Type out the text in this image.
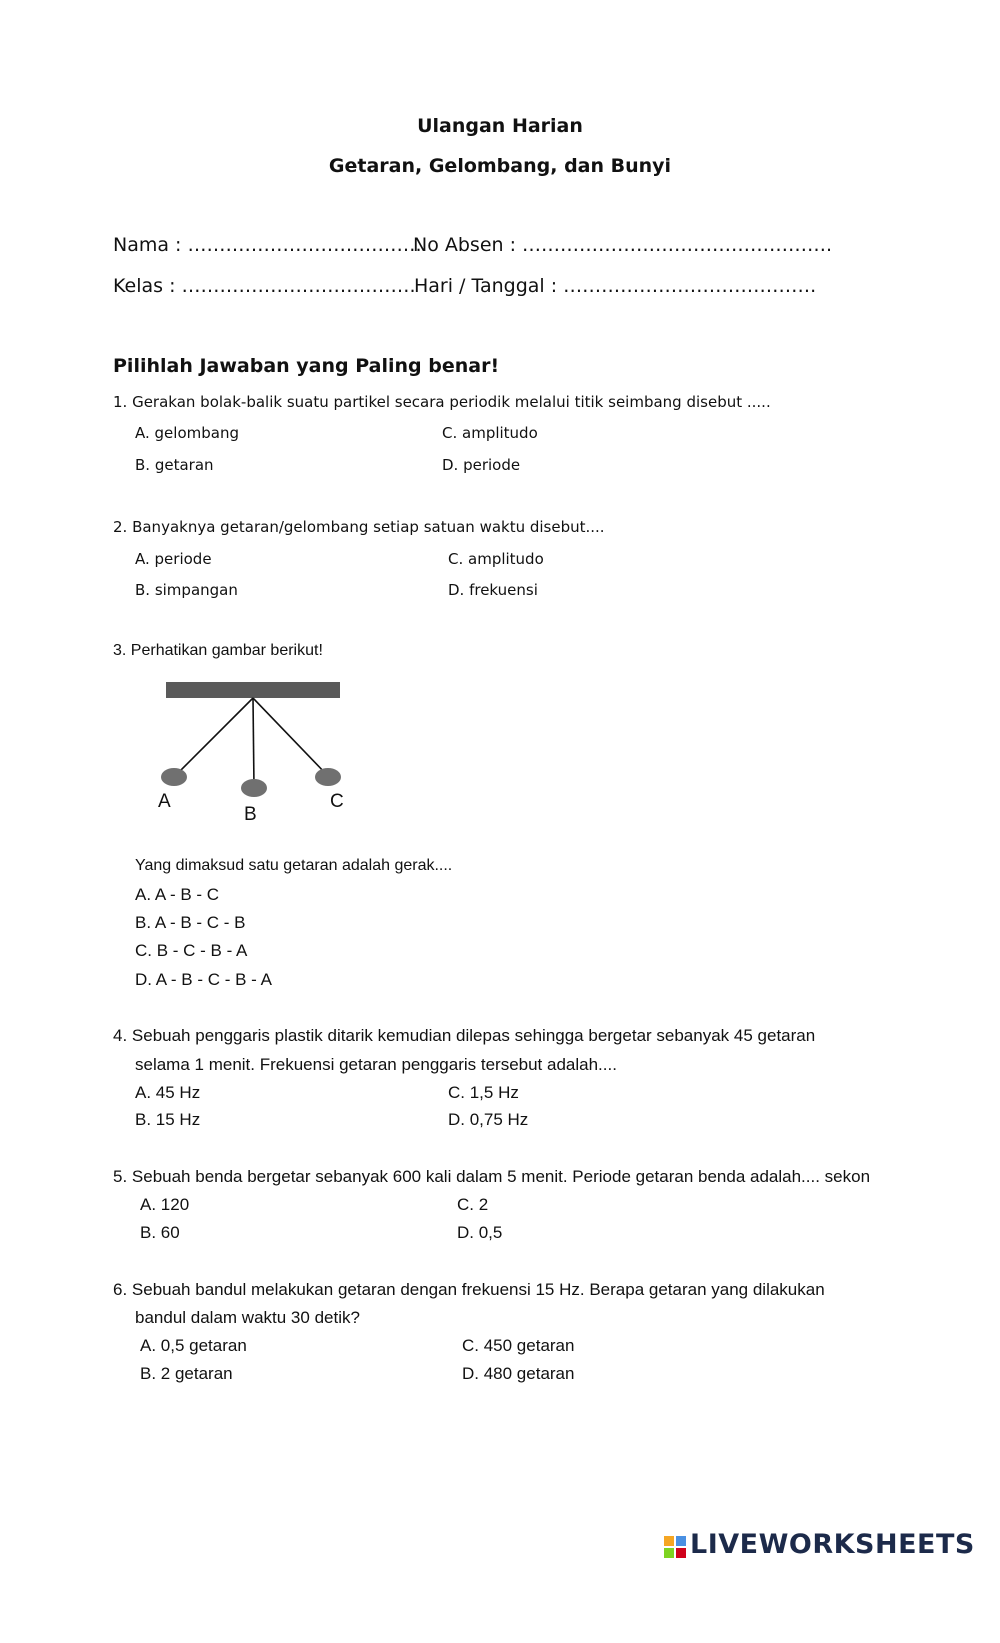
Ulangan Harian
Getaran, Gelombang, dan Bunyi
Nama : ……………………………….
No Absen : ………………………………………….
Kelas : ……………………………….
Hari / Tanggal : ………………………………….
Pilihlah Jawaban yang Paling benar!
1. Gerakan bolak-balik suatu partikel secara periodik melalui titik seimbang disebut .....
A. gelombang	C. amplitudo
B. getaran	D. periode
2. Banyaknya getaran/gelombang setiap satuan waktu disebut....
A. periode	C. amplitudo
B. simpangan	D. frekuensi
3. Perhatikan gambar berikut!
A
B
C
Yang dimaksud satu getaran adalah gerak....
A. A - B - C
B. A - B - C - B
C. B - C - B - A
D. A - B - C - B - A
4. Sebuah penggaris plastik ditarik kemudian dilepas sehingga bergetar sebanyak 45 getaran
selama 1 menit. Frekuensi getaran penggaris tersebut adalah....
A. 45 Hz	C. 1,5 Hz
B. 15 Hz	D. 0,75 Hz
5. Sebuah benda bergetar sebanyak 600 kali dalam 5 menit. Periode getaran benda adalah.... sekon
A. 120	C. 2
B. 60	D. 0,5
6. Sebuah bandul melakukan getaran dengan frekuensi 15 Hz. Berapa getaran yang dilakukan
bandul dalam waktu 30 detik?
A. 0,5 getaran	C. 450 getaran
B. 2 getaran	D. 480 getaran
LIVEWORKSHEETS
